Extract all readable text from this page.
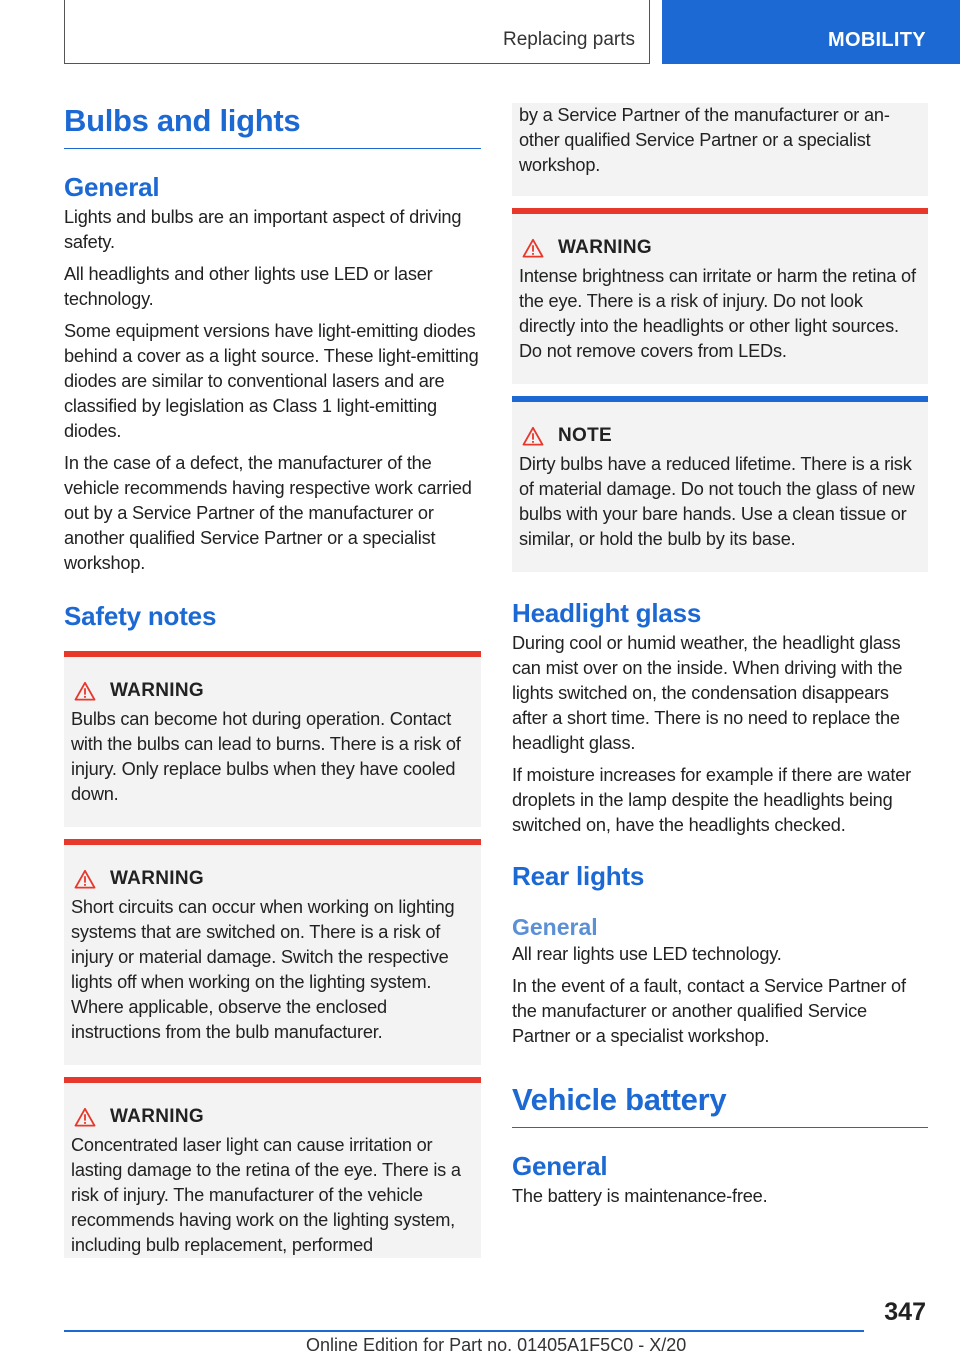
Replacing parts	MOBILITY
Bulbs and lights
General

Lights and bulbs are an important aspect of driving safety.

All headlights and other lights use LED or laser technology.

Some equipment versions have light-emitting diodes behind a cover as a light source. These light-emitting diodes are similar to conventional lasers and are classified by legislation as Class 1 light-emitting diodes.

In the case of a defect, the manufacturer of the vehicle recommends having respective work carried out by a Service Partner of the manufacturer or another qualified Service Partner or a specialist workshop.

Safety notes
WARNING

Bulbs can become hot during operation. Contact with the bulbs can lead to burns. There is a risk of injury. Only replace bulbs when they have cooled down.

WARNING

Short circuits can occur when working on lighting systems that are switched on. There is a risk of injury or material damage. Switch the respective lights off when working on the lighting system. Where applicable, observe the enclosed instructions from the bulb manufacturer.

WARNING

Concentrated laser light can cause irritation or lasting damage to the retina of the eye. There is a risk of injury. The manufacturer of the vehicle recommends having work on the lighting system, including bulb replacement, performed

by a Service Partner of the manufacturer or another qualified Service Partner or a specialist workshop.

WARNING

Intense brightness can irritate or harm the retina of the eye. There is a risk of injury. Do not look directly into the headlights or other light sources. Do not remove covers from LEDs.

NOTE

Dirty bulbs have a reduced lifetime. There is a risk of material damage. Do not touch the glass of new bulbs with your bare hands. Use a clean tissue or similar, or hold the bulb by its base.

Headlight glass

During cool or humid weather, the headlight glass can mist over on the inside. When driving with the lights switched on, the condensation disappears after a short time. There is no need to replace the headlight glass.

If moisture increases for example if there are water droplets in the lamp despite the headlights being switched on, have the headlights checked.

Rear lights
General

All rear lights use LED technology.

In the event of a fault, contact a Service Partner of the manufacturer or another qualified Service Partner or a specialist workshop.

Vehicle battery
General

The battery is maintenance-free.

347
Online Edition for Part no. 01405A1F5C0 - X/20
